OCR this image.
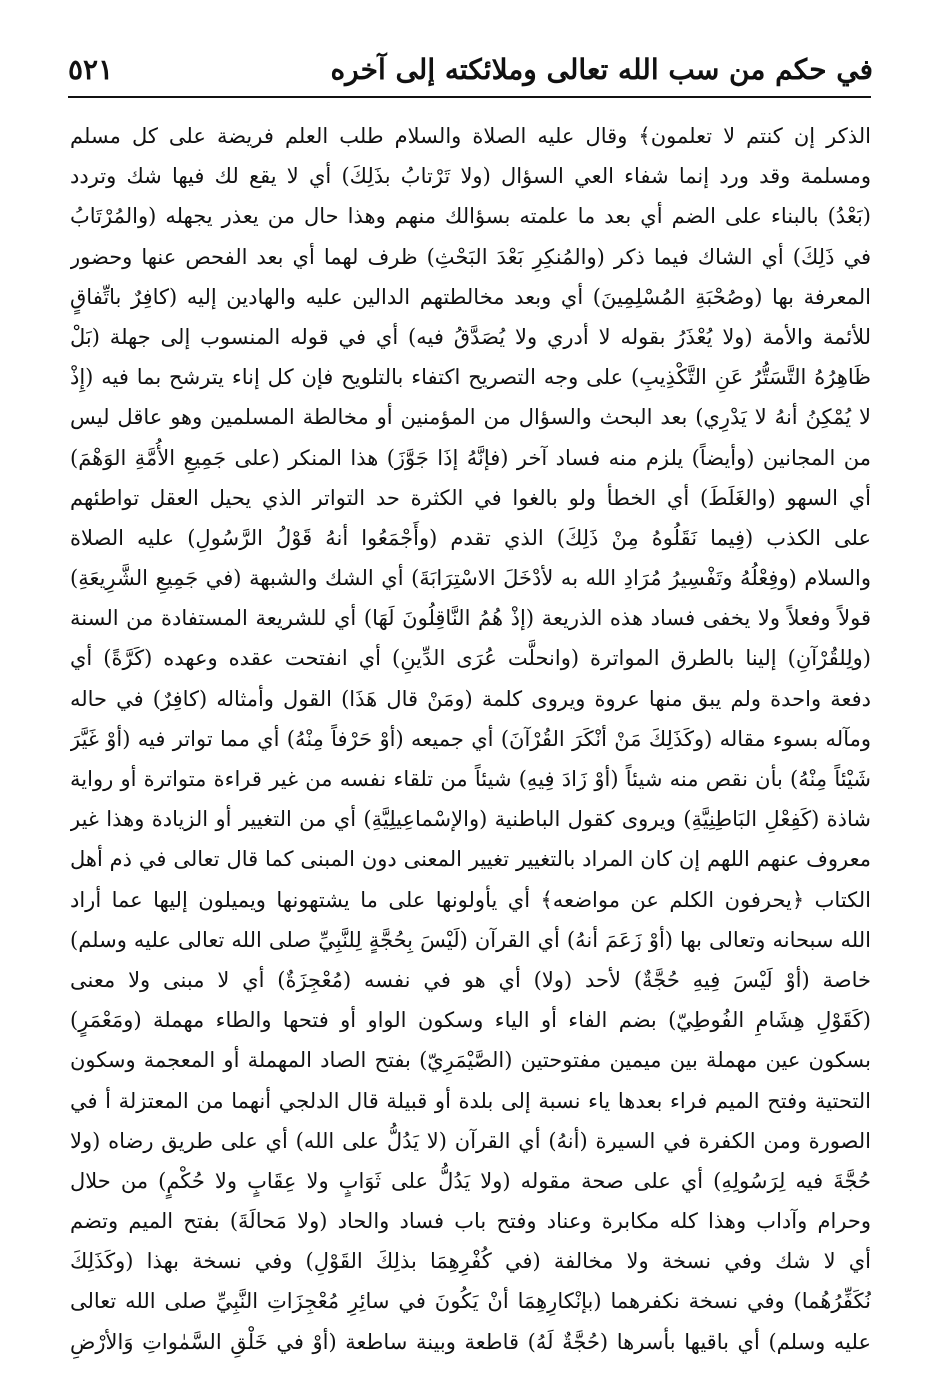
في حكم من سب الله تعالى وملائكته إلى آخره
٥٢١
الذكر إن كنتم لا تعلمون﴾ وقال عليه الصلاة والسلام طلب العلم فريضة على كل مسلم
ومسلمة وقد ورد إنما شفاء العي السؤال (ولا تَرْتابُ بذَلِكَ) أي لا يقع لك فيها شك وتردد
(بَعْدُ) بالبناء على الضم أي بعد ما علمته بسؤالك منهم وهذا حال من يعذر يجهله (والمُرْتَابُ
في ذَلِكَ) أي الشاك فيما ذكر (والمُنكِرِ بَعْدَ البَحْثِ) ظرف لهما أي بعد الفحص عنها وحضور
المعرفة بها (وصُحْبَةِ المُسْلِمِينَ) أي وبعد مخالطتهم الدالين عليه والهادين إليه (كافِرٌ باتِّفاقٍ
للأئمة والأمة (ولا يُعْذَرُ بقوله لا أدري ولا يُصَدَّقُ فيه) أي في قوله المنسوب إلى جهلة (بَلْ
ظَاهِرُهُ التَّسَتُّرُ عَنِ التَّكْذِيبِ) على وجه التصريح اكتفاء بالتلويح فإن كل إناء يترشح بما فيه (إِذْ
لا يُمْكِنُ أنهُ لا يَدْرِي) بعد البحث والسؤال من المؤمنين أو مخالطة المسلمين وهو عاقل ليس
من المجانين (وأيضاً) يلزم منه فساد آخر (فإنَّهُ إذَا جَوَّزَ) هذا المنكر (على جَمِيعِ الأُمَّةِ الوَهْمَ)
أي السهو (والغَلَطَ) أي الخطأ ولو بالغوا في الكثرة حد التواتر الذي يحيل العقل تواطئهم
على الكذب (فِيما نَقَلُوهُ مِنْ ذَلِكَ) الذي تقدم (وأَجْمَعُوا أنهُ قَوْلُ الرَّسُولِ) عليه الصلاة
والسلام (وفِعْلُهُ وتَفْسِيرُ مُرَادِ الله به لأدْخَلَ الاسْتِرَابَةَ) أي الشك والشبهة (في جَمِيعِ الشَّرِيعَةِ)
قولاً وفعلاً ولا يخفى فساد هذه الذريعة (إذْ هُمُ النَّاقِلُونَ لَهَا) أي للشريعة المستفادة من السنة
(ولِلقُرْآنِ) إلينا بالطرق المواترة (وانحلَّت عُرَى الدِّينِ) أي انفتحت عقده وعهده (كَرَّةً) أي
دفعة واحدة ولم يبق منها عروة ويروى كلمة (ومَنْ قال هَذَا) القول وأمثاله (كافِرٌ) في حاله
ومآله بسوء مقاله (وكَذَلِكَ مَنْ أنْكَرَ القُرْآنَ) أي جميعه (أوْ حَرْفاً مِنْهُ) أي مما تواتر فيه (أوْ غَيَّرَ
شَيْئاً مِنْهُ) بأن نقص منه شيئاً (أوْ زَادَ فِيهِ) شيئاً من تلقاء نفسه من غير قراءة متواترة أو رواية
شاذة (كَفِعْلِ البَاطِنِيَّةِ) ويروى كقول الباطنية (والإسْماعِيلِيَّةِ) أي من التغيير أو الزيادة وهذا غير
معروف عنهم اللهم إن كان المراد بالتغيير تغيير المعنى دون المبنى كما قال تعالى في ذم أهل
الكتاب ﴿يحرفون الكلم عن مواضعه﴾ أي يأولونها على ما يشتهونها ويميلون إليها عما أراد
الله سبحانه وتعالى بها (أوْ زَعَمَ أنهُ) أي القرآن (لَيْسَ بِحُجَّةٍ لِلنَّبِيِّ صلى الله تعالى عليه وسلم)
خاصة (أوْ لَيْسَ فِيهِ حُجَّةٌ) لأحد (ولا) أي هو في نفسه (مُعْجِزَةٌ) أي لا مبنى ولا معنى
(كَقَوْلِ هِشَامِ الفُوطِيّ) بضم الفاء أو الياء وسكون الواو أو فتحها والطاء مهملة (ومَعْمَرٍ)
بسكون عين مهملة بين ميمين مفتوحتين (الصَّيْمَرِيّ) بفتح الصاد المهملة أو المعجمة وسكون
التحتية وفتح الميم فراء بعدها ياء نسبة إلى بلدة أو قبيلة قال الدلجي أنهما من المعتزلة أ في
الصورة ومن الكفرة في السيرة (أنهُ) أي القرآن (لا يَدُلُّ على الله) أي على طريق رضاه (ولا
حُجَّةَ فيه لِرَسُولِهِ) أي على صحة مقوله (ولا يَدُلُّ على ثَوَابٍ ولا عِقَابٍ ولا حُكْمٍ) من حلال
وحرام وآداب وهذا كله مكابرة وعناد وفتح باب فساد والحاد (ولا مَحالَةَ) بفتح الميم وتضم
أي لا شك وفي نسخة ولا مخالفة (في كُفْرِهِمَا بذلِكَ القَوْلِ) وفي نسخة بهذا (وكَذَلِكَ
نُكَفِّرُهُما) وفي نسخة نكفرهما (بإنْكارِهِمَا أنْ يَكُونَ في سائِرِ مُعْجِزَاتِ النَّبِيِّ صلى الله تعالى
عليه وسلم) أي باقيها بأسرها (حُجَّةٌ لَهُ) قاطعة وبينة ساطعة (أوْ في خَلْقِ السَّمٰواتِ وَالأرْضِ
